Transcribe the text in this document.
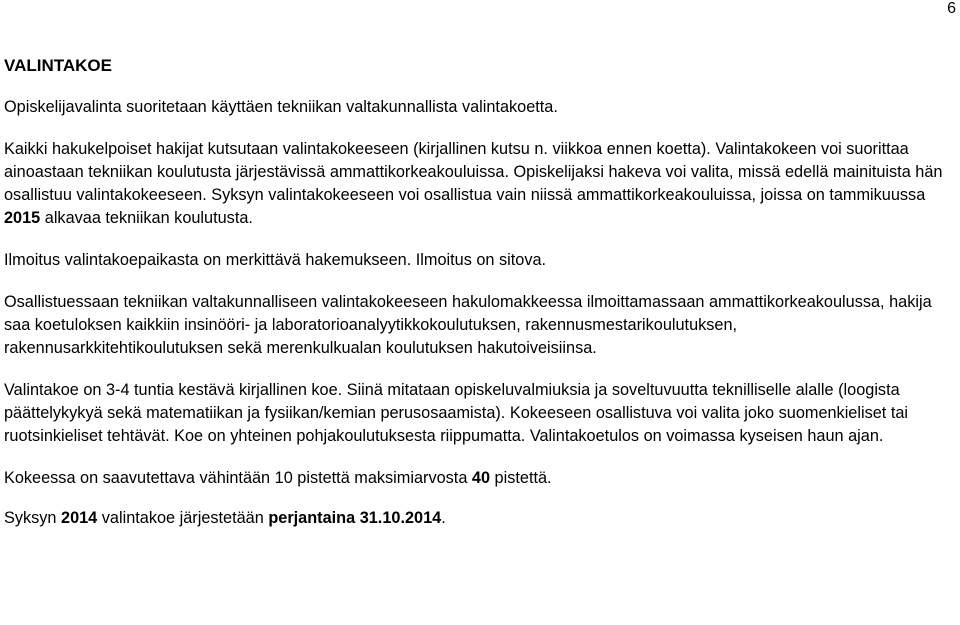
6
VALINTAKOE

Opiskelijavalinta suoritetaan käyttäen tekniikan valtakunnallista valintakoetta.

Kaikki hakukelpoiset hakijat kutsutaan valintakokeeseen (kirjallinen kutsu n. viikkoa ennen koetta). Valintakokeen voi suorittaa ainoastaan tekniikan koulutusta järjestävissä ammattikorkeakouluissa. Opiskelijaksi hakeva voi valita, missä edellä mainituista hän osallistuu valintakokeeseen. Syksyn valintakokeeseen voi osallistua vain niissä ammattikorkeakouluissa, joissa on tammikuussa 2015 alkavaa tekniikan koulutusta.

Ilmoitus valintakoepaikasta on merkittävä hakemukseen. Ilmoitus on sitova.

Osallistuessaan tekniikan valtakunnalliseen valintakokeeseen hakulomakkeessa ilmoittamassaan ammattikorkeakoulussa, hakija saa koetuloksen kaikkiin insinööri- ja laboratorioanalyytikkokoulutuksen, rakennusmestarikoulutuksen, rakennusarkkitehtikoulutuksen sekä merenkulkualan koulutuksen hakutoiveisiinsa.

Valintakoe on 3-4 tuntia kestävä kirjallinen koe. Siinä mitataan opiskeluvalmiuksia ja soveltuvuutta teknilliselle alalle (loogista päättelykykyä sekä matematiikan ja fysiikan/kemian perusosaamista). Kokeeseen osallistuva voi valita joko suomenkieliset tai ruotsinkieliset tehtävät. Koe on yhteinen pohjakoulutuksesta riippumatta. Valintakoetulos on voimassa kyseisen haun ajan.

Kokeessa on saavutettava vähintään 10 pistettä maksimiarvosta 40 pistettä.

Syksyn 2014 valintakoe järjestetään perjantaina 31.10.2014.
